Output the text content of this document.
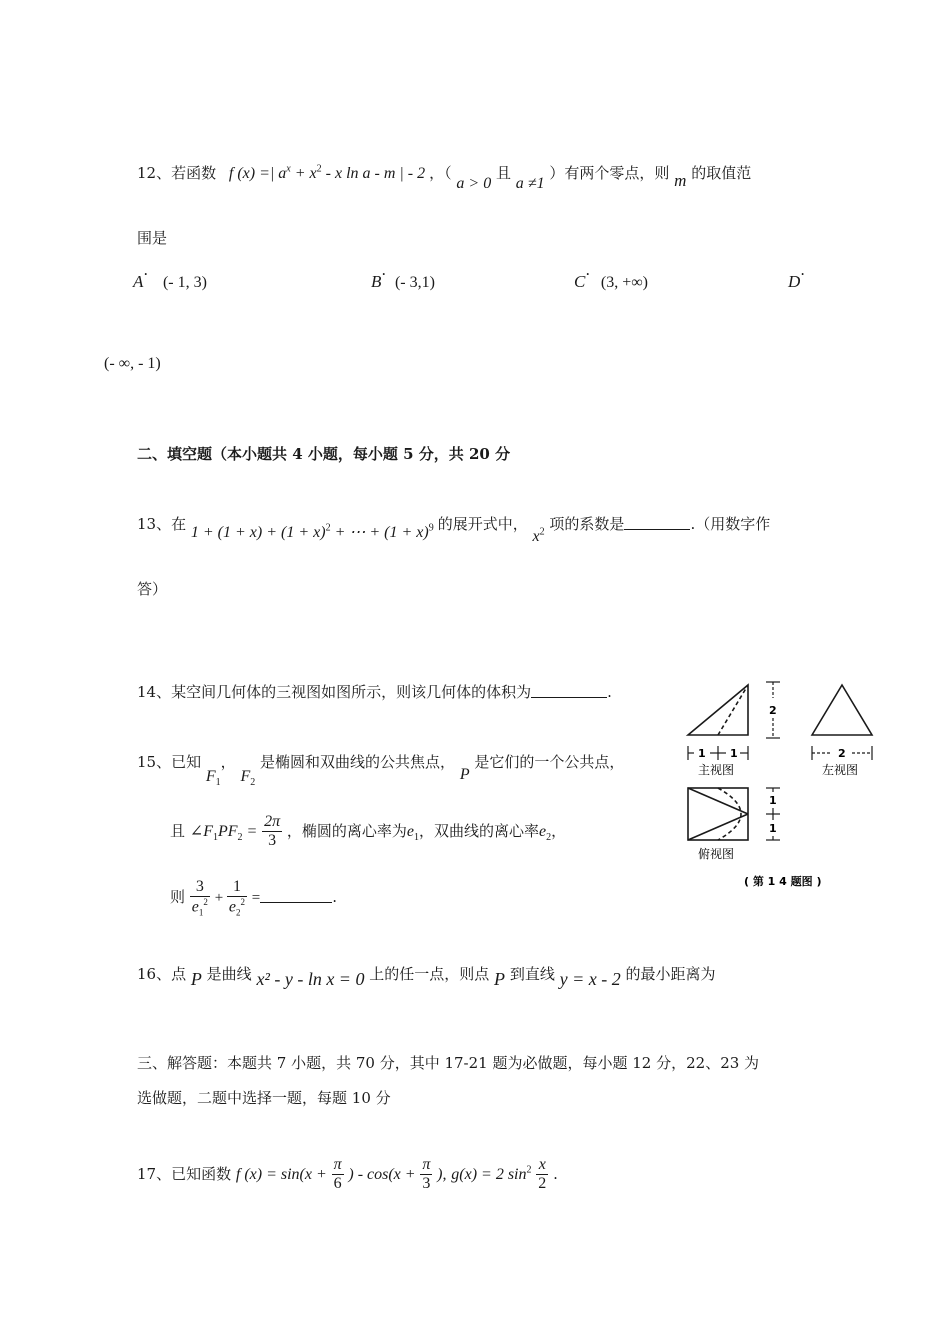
12、若函数 f (x) =| $a^x + x^2 - x$ ln a - m | - 2 ，（ a > 0 且 a ≠1 ）有两个零点，则 m 的取值范
围是
A· (- 1, 3)	B· (- 3,1)	C· (3, +∞)	D·
(- ∞, - 1)
二、填空题（本小题共 4 小题，每小题 5 分，共 20 分
13、在 $1 + (1 + x) + (1 + x)^2$ + ⋯ + $(1 + x)^9$ 的展开式中， $x^2$ 项的系数是	.（用数字作
答）
14、某空间几何体的三视图如图所示，则该几何体的体积为	.
15、已知 $F_1$， $F_2$ 是椭圆和双曲线的公共焦点， P 是它们的一个公共点，
且 $\angle F_1PF_2 = \frac{2\pi}{3}$ ，椭圆的离心率为$e_1$，双曲线的离心率$e_2$，
则 $\frac{3}{e_1^2} + \frac{1}{e_2^2}$ =	.
2
1 1
主视图
2
左视图
1
1
俯视图
( 第 1 4 题图 )
16、点 P 是曲线 x² - y - ln x = 0 上的任一点，则点 P 到直线 y = x - 2 的最小距离为
三、解答题：本题共 7 小题，共 70 分，其中 17-21 题为必做题，每小题 12 分，22、23 为
选做题，二题中选择一题，每题 10 分
17、已知函数 f $(x) = \sin(x + \frac{\pi}{6}$ ) - $\cos(x + \frac{\pi}{3}$ ), g(x) = 2 $\sin^2 \frac{x}{2}$ .
